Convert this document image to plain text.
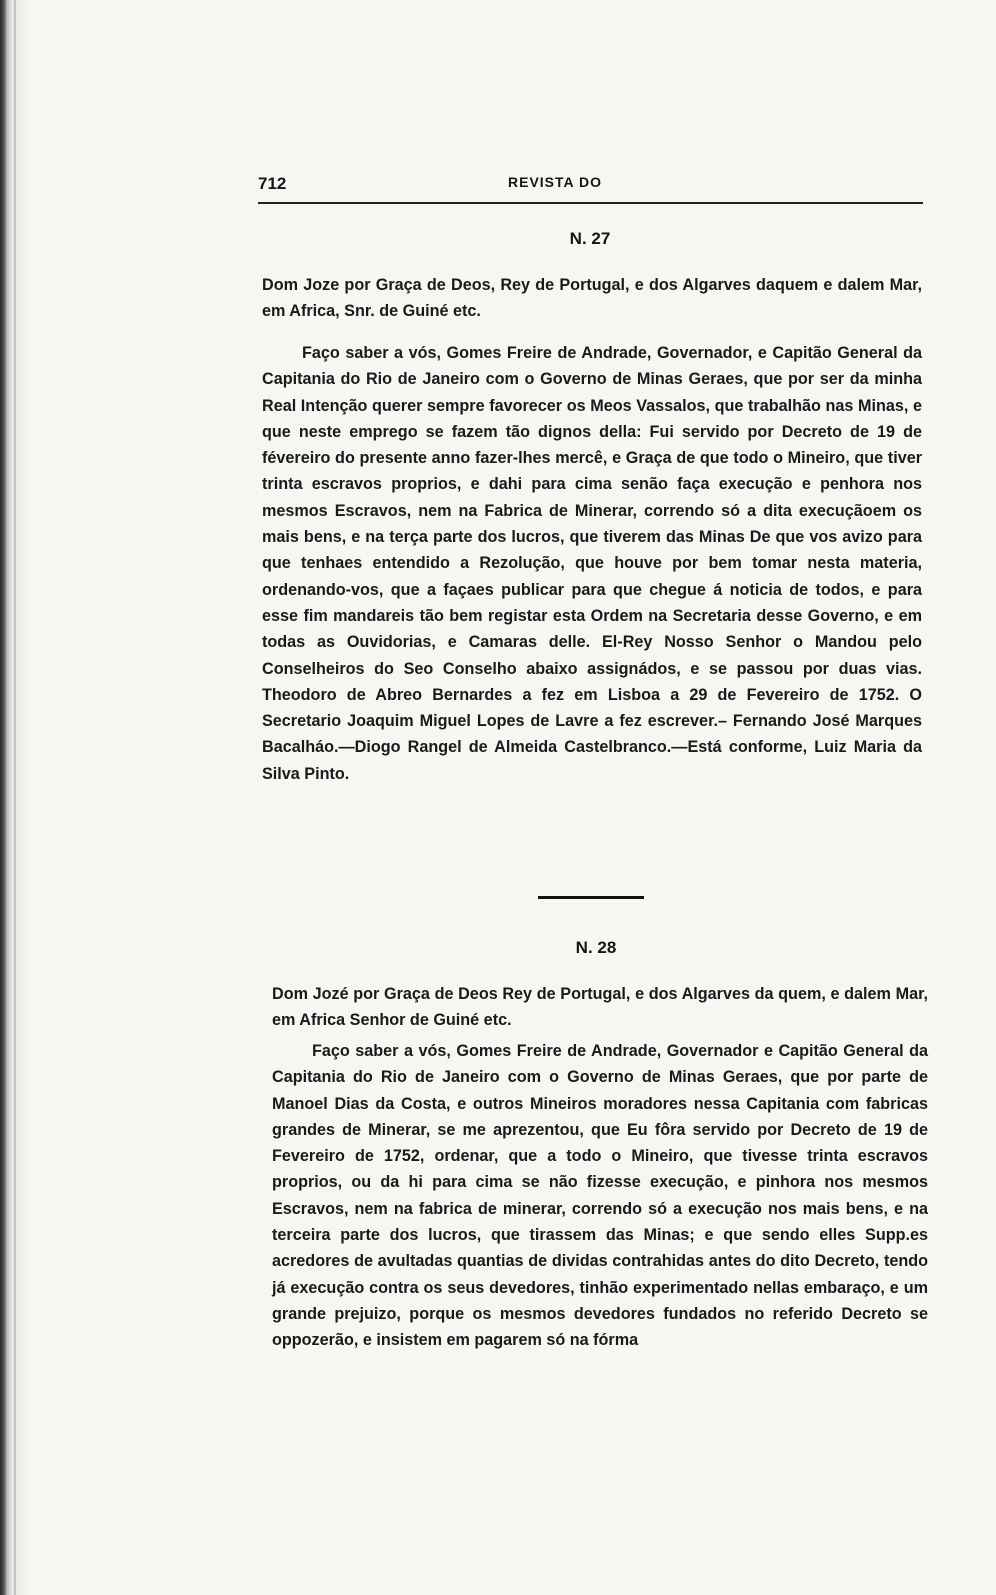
712	REVISTA DO
N. 27
Dom Joze por Graça de Deos, Rey de Portugal, e dos Algarves daquem e dalem Mar, em Africa, Snr. de Guiné etc.
Faço saber a vós, Gomes Freire de Andrade, Governador, e Capitão General da Capitania do Rio de Janeiro com o Governo de Minas Geraes, que por ser da minha Real Intenção querer sempre favorecer os Meos Vassalos, que trabalhão nas Minas, e que neste emprego se fazem tão dignos della: Fui servido por Decreto de 19 de févereiro do presente anno fazer-lhes mercê, e Graça de que todo o Mineiro, que tiver trinta escravos proprios, e dahi para cima senão faça execução e penhora nos mesmos Escravos, nem na Fabrica de Minerar, correndo só a dita execuçãoem os mais bens, e na terça parte dos lucros, que tiverem das Minas De que vos avizo para que tenhaes entendido a Rezolução, que houve por bem tomar nesta materia, ordenando-vos, que a façaes publicar para que chegue á noticia de todos, e para esse fim mandareis tão bem registar esta Ordem na Secretaria desse Governo, e em todas as Ouvidorias, e Camaras delle. El-Rey Nosso Senhor o Mandou pelo Conselheiros do Seo Conselho abaixo assignádos, e se passou por duas vias. Theodoro de Abreo Bernardes a fez em Lisboa a 29 de Fevereiro de 1752. O Secretario Joaquim Miguel Lopes de Lavre a fez escrever.– Fernando José Marques Bacalháo.—Diogo Rangel de Almeida Castelbranco.—Está conforme, Luiz Maria da Silva Pinto.
N. 28
Dom Jozé por Graça de Deos Rey de Portugal, e dos Algarves da quem, e dalem Mar, em Africa Senhor de Guiné etc.
Faço saber a vós, Gomes Freire de Andrade, Governador e Capitão General da Capitania do Rio de Janeiro com o Governo de Minas Geraes, que por parte de Manoel Dias da Costa, e outros Mineiros moradores nessa Capitania com fabricas grandes de Minerar, se me aprezentou, que Eu fôra servido por Decreto de 19 de Fevereiro de 1752, ordenar, que a todo o Mineiro, que tivesse trinta escravos proprios, ou da hi para cima se não fizesse execução, e pinhora nos mesmos Escravos, nem na fabrica de minerar, correndo só a execução nos mais bens, e na terceira parte dos lucros, que tirassem das Minas; e que sendo elles Supp.es acredores de avultadas quantias de dividas contrahidas antes do dito Decreto, tendo já execução contra os seus devedores, tinhão experimentado nellas embaraço, e um grande prejuizo, porque os mesmos devedores fundados no referido Decreto se oppozerão, e insistem em pagarem só na fórma
